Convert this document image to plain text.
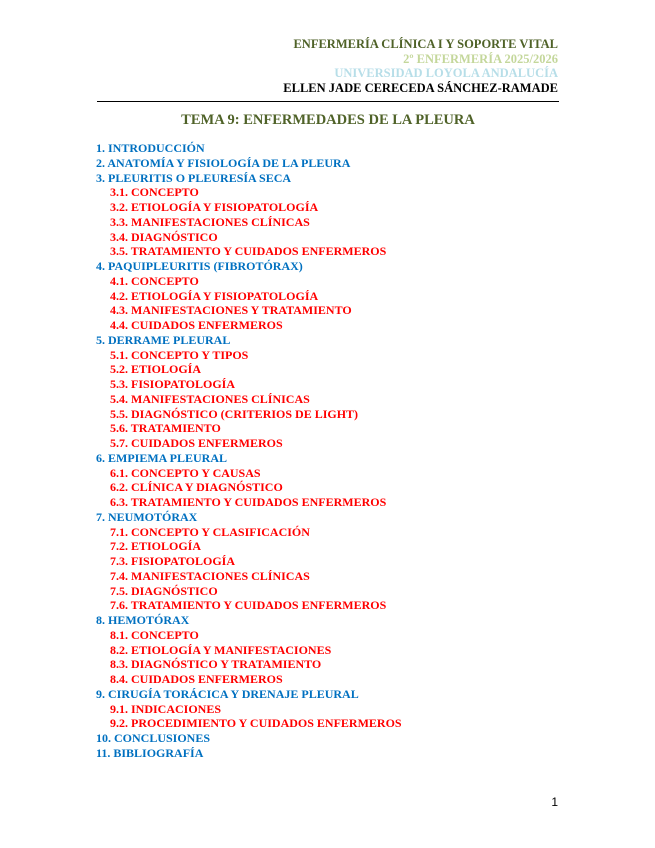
ENFERMERÍA CLÍNICA I Y SOPORTE VITAL
2º ENFERMERÍA 2025/2026
UNIVERSIDAD LOYOLA ANDALUCÍA
ELLEN JADE CERECEDA SÁNCHEZ-RAMADE
TEMA 9: ENFERMEDADES DE LA PLEURA
1. INTRODUCCIÓN
2. ANATOMÍA Y FISIOLOGÍA DE LA PLEURA
3. PLEURITIS O PLEURESÍA SECA
3.1. CONCEPTO
3.2. ETIOLOGÍA Y FISIOPATOLOGÍA
3.3. MANIFESTACIONES CLÍNICAS
3.4. DIAGNÓSTICO
3.5. TRATAMIENTO Y CUIDADOS ENFERMEROS
4. PAQUIPLEURITIS (FIBROTÓRAX)
4.1. CONCEPTO
4.2. ETIOLOGÍA Y FISIOPATOLOGÍA
4.3. MANIFESTACIONES Y TRATAMIENTO
4.4. CUIDADOS ENFERMEROS
5. DERRAME PLEURAL
5.1. CONCEPTO Y TIPOS
5.2. ETIOLOGÍA
5.3. FISIOPATOLOGÍA
5.4. MANIFESTACIONES CLÍNICAS
5.5. DIAGNÓSTICO (CRITERIOS DE LIGHT)
5.6. TRATAMIENTO
5.7. CUIDADOS ENFERMEROS
6. EMPIEMA PLEURAL
6.1. CONCEPTO Y CAUSAS
6.2. CLÍNICA Y DIAGNÓSTICO
6.3. TRATAMIENTO Y CUIDADOS ENFERMEROS
7. NEUMOTÓRAX
7.1. CONCEPTO Y CLASIFICACIÓN
7.2. ETIOLOGÍA
7.3. FISIOPATOLOGÍA
7.4. MANIFESTACIONES CLÍNICAS
7.5. DIAGNÓSTICO
7.6. TRATAMIENTO Y CUIDADOS ENFERMEROS
8. HEMOTÓRAX
8.1. CONCEPTO
8.2. ETIOLOGÍA Y MANIFESTACIONES
8.3. DIAGNÓSTICO Y TRATAMIENTO
8.4. CUIDADOS ENFERMEROS
9. CIRUGÍA TORÁCICA Y DRENAJE PLEURAL
9.1. INDICACIONES
9.2. PROCEDIMIENTO Y CUIDADOS ENFERMEROS
10. CONCLUSIONES
11. BIBLIOGRAFÍA
1
